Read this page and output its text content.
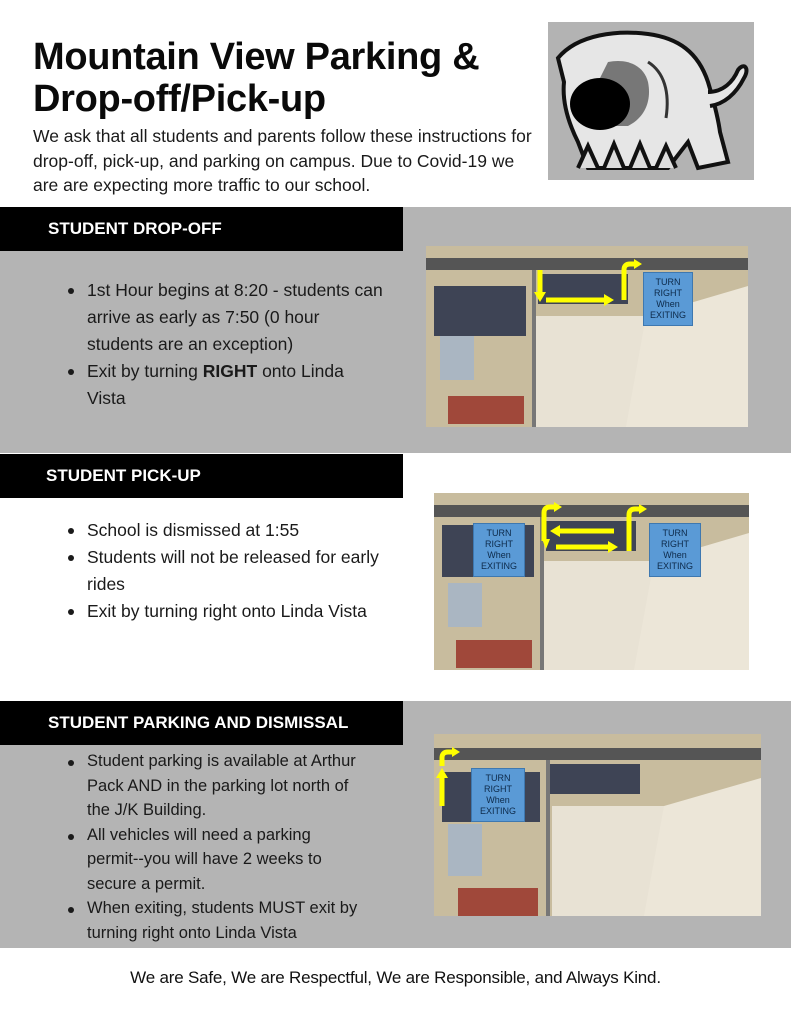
Mountain View Parking &
Drop-off/Pick-up
We ask that all students and parents follow these instructions for drop-off, pick-up, and parking on campus. Due to Covid-19 we are are expecting more traffic to our school.
STUDENT DROP-OFF
1st Hour begins at 8:20 - students can arrive as early as 7:50 (0 hour students are an exception)
Exit by turning RIGHT onto Linda Vista
TURN
RIGHT
When
EXITING
STUDENT PICK-UP
School is dismissed at 1:55
Students will not be released for early rides
Exit by turning right onto Linda Vista
TURN
RIGHT
When
EXITING
TURN
RIGHT
When
EXITING
STUDENT PARKING AND DISMISSAL
Student parking is available at Arthur Pack AND in the parking lot north of the J/K Building.
All vehicles will need a parking permit--you will have 2 weeks to secure a permit.
When exiting, students MUST exit by turning right onto Linda Vista
TURN
RIGHT
When
EXITING
We are Safe, We are Respectful, We are Responsible, and Always Kind.
